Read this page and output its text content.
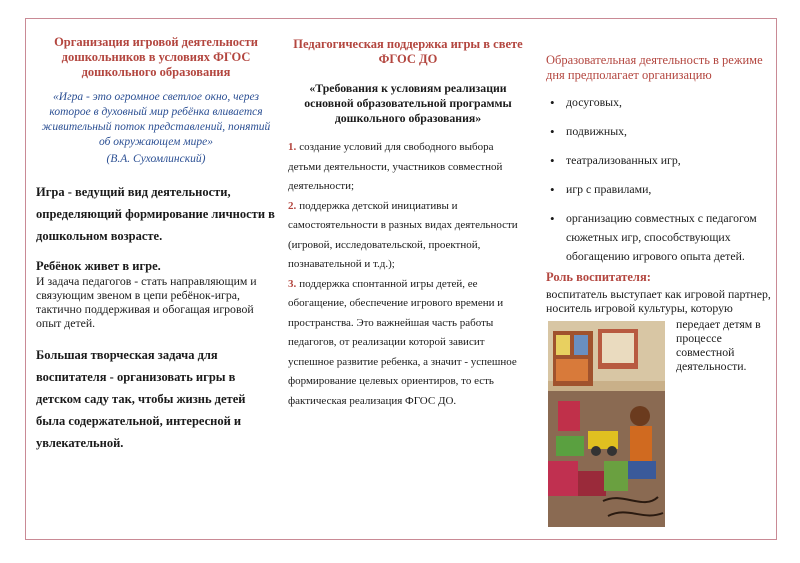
Организация игровой деятельности дошкольников в условиях ФГОС дошкольного образования

«Игра - это огромное светлое окно, через которое в духовный мир ребёнка вливается живительный поток представлений, понятий об окружающем мире»
(В.А. Сухомлинский)

Игра - ведущий вид деятельности, определяющий формирование личности в дошкольном возрасте.

Ребёнок живет в игре.

И задача педагогов - стать направляющим и связующим звеном в цепи ребёнок-игра, тактично поддерживая и обогащая игровой опыт детей.

Большая творческая задача для воспитателя - организовать игры в детском саду так, чтобы жизнь детей была содержательной, интересной и увлекательной.

Педагогическая поддержка игры в свете ФГОС ДО

«Требования к условиям реализации основной образовательной программы дошкольного образования»

1. создание условий для свободного выбора детьми деятельности, участников совместной деятельности;
2. поддержка детской инициативы и самостоятельности в разных видах деятельности (игровой, исследовательской, проектной, познавательной и т.д.);
3. поддержка спонтанной игры детей, ее обогащение, обеспечение игрового времени и пространства. Это важнейшая часть работы педагогов, от реализации которой зависит успешное развитие ребенка, а значит - успешное формирование целевых ориентиров, то есть фактическая реализация ФГОС ДО.

Образовательная деятельность в режиме дня предполагает организацию

• досуговых,
• подвижных,
• театрализованных игр,
• игр с правилами,
• организацию совместных с педагогом сюжетных игр, способствующих обогащению игрового опыта детей.

Роль воспитателя:

воспитатель выступает как игровой партнер, носитель игровой культуры, которую

передает детям в процессе совместной деятельности.
